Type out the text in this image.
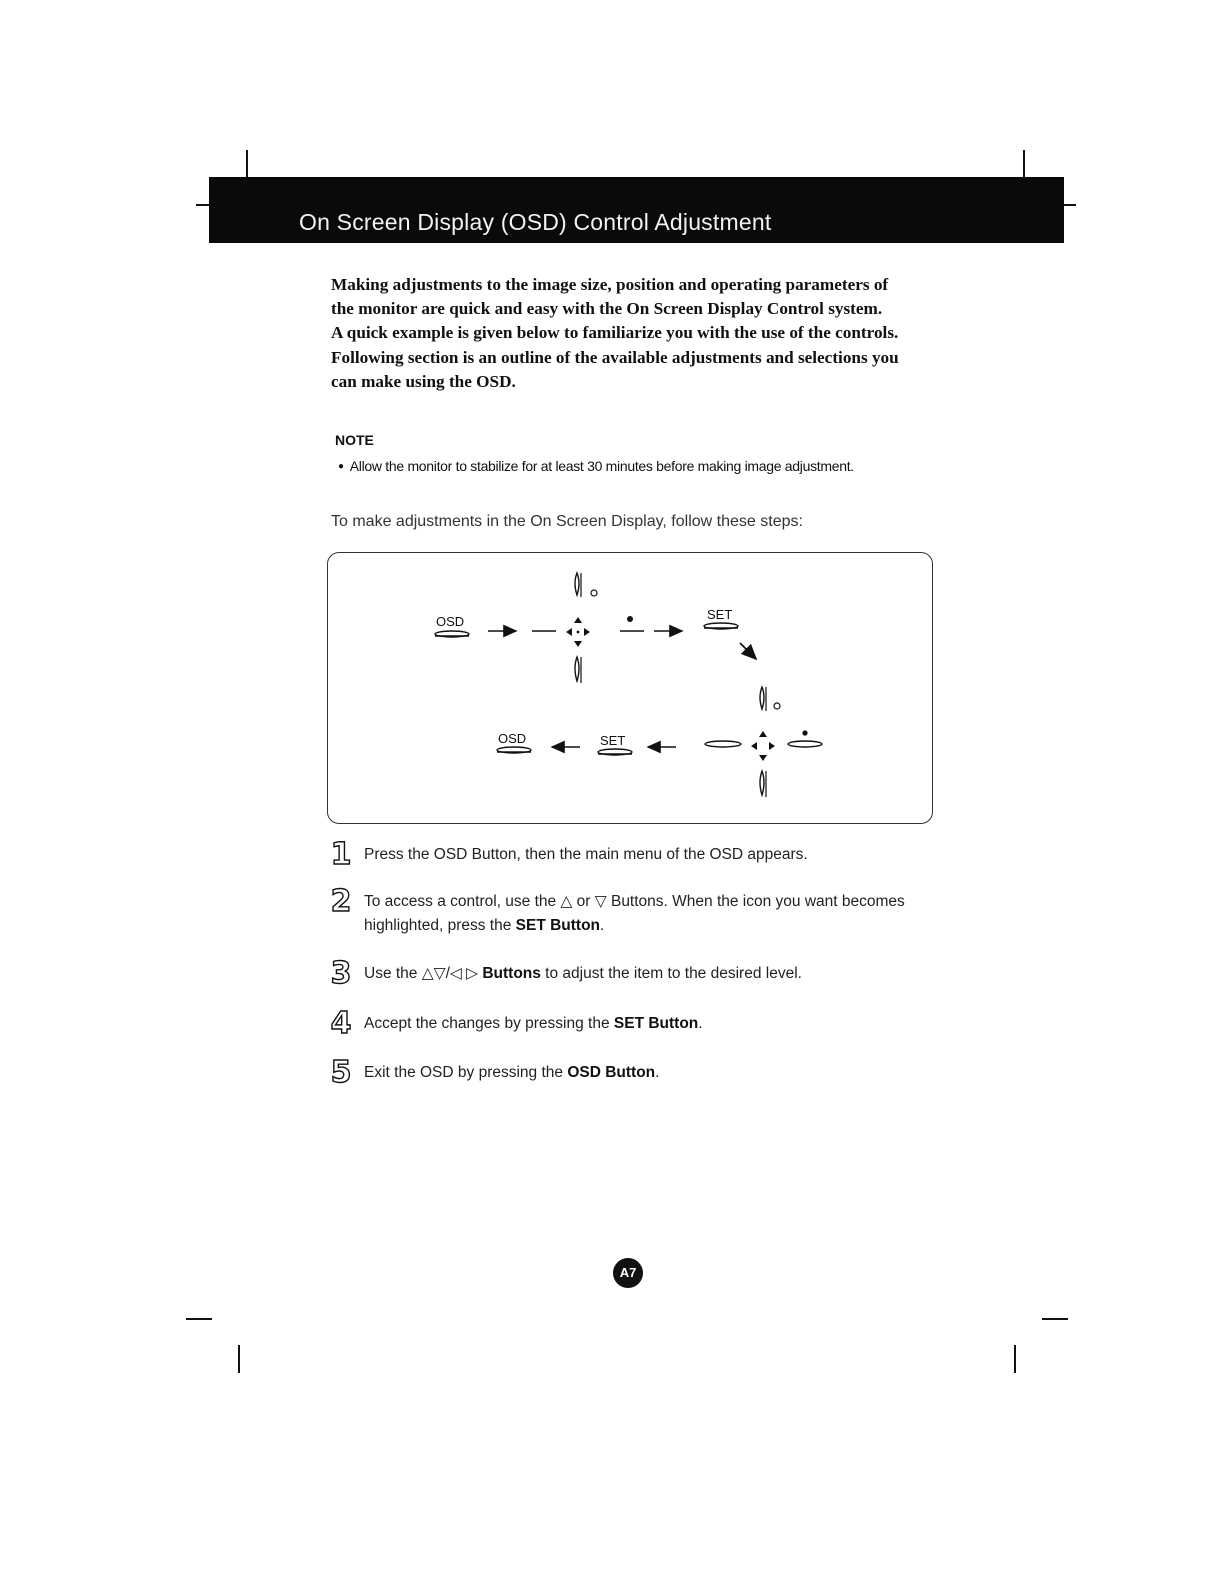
On Screen Display (OSD) Control Adjustment
Making adjustments to the image size, position and operating parameters of
the monitor are quick and easy with the On Screen Display Control system.
A quick example is given below to familiarize you with the use of the controls.
Following section is an outline of the available adjustments and selections you
can make using the OSD.
NOTE
● Allow the monitor to stabilize for at least 30 minutes before making image adjustment.
To make adjustments in the On Screen Display, follow these steps:
OSD	SET
SET
OSD
1 Press the OSD Button, then the main menu of the OSD appears.
2 To access a control, use the △ or ▽ Buttons. When the icon you want becomes highlighted, press the SET Button.
3 Use the △▽/◁ ▷ Buttons to adjust the item to the desired level.
4 Accept the changes by pressing the SET Button.
5 Exit the OSD by pressing the OSD Button.
A7
